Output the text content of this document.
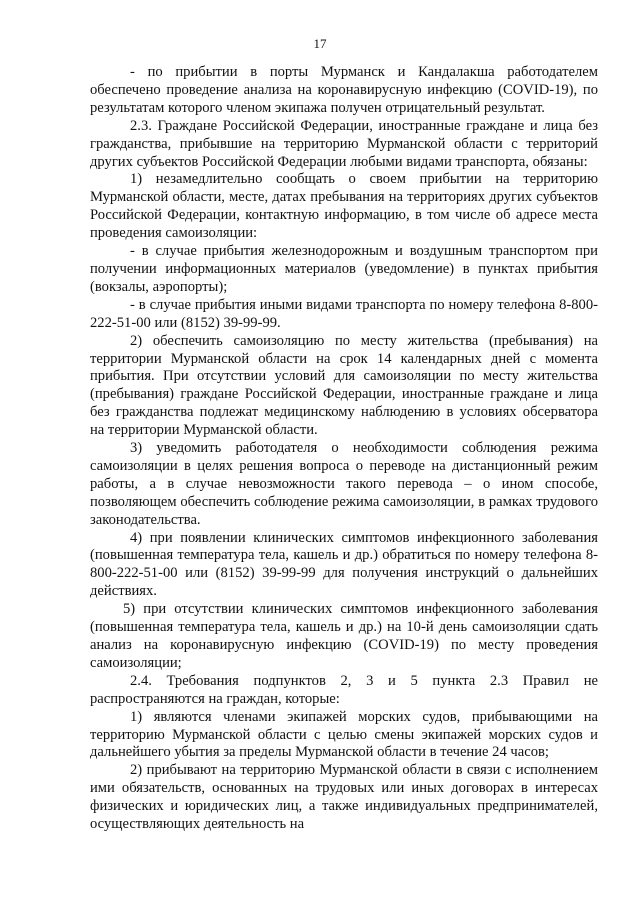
17

- по прибытии в порты Мурманск и Кандалакша работодателем обеспечено проведение анализа на коронавирусную инфекцию (COVID-19), по результатам которого членом экипажа получен отрицательный результат.

2.3. Граждане Российской Федерации, иностранные граждане и лица без гражданства, прибывшие на территорию Мурманской области с территорий других субъектов Российской Федерации любыми видами транспорта, обязаны:

1) незамедлительно сообщать о своем прибытии на территорию Мурманской области, месте, датах пребывания на территориях других субъектов Российской Федерации, контактную информацию, в том числе об адресе места проведения самоизоляции:

- в случае прибытия железнодорожным и воздушным транспортом при получении информационных материалов (уведомление) в пунктах прибытия (вокзалы, аэропорты);

- в случае прибытия иными видами транспорта по номеру телефона 8-800-222-51-00 или (8152) 39-99-99.

2) обеспечить самоизоляцию по месту жительства (пребывания) на территории Мурманской области на срок 14 календарных дней с момента прибытия. При отсутствии условий для самоизоляции по месту жительства (пребывания) граждане Российской Федерации, иностранные граждане и лица без гражданства подлежат медицинскому наблюдению в условиях обсерватора на территории Мурманской области.

3) уведомить работодателя о необходимости соблюдения режима самоизоляции в целях решения вопроса о переводе на дистанционный режим работы, а в случае невозможности такого перевода – о ином способе, позволяющем обеспечить соблюдение режима самоизоляции, в рамках трудового законодательства.

4) при появлении клинических симптомов инфекционного заболевания (повышенная температура тела, кашель и др.) обратиться по номеру телефона 8-800-222-51-00 или (8152) 39-99-99 для получения инструкций о дальнейших действиях.

5) при отсутствии клинических симптомов инфекционного заболевания (повышенная температура тела, кашель и др.) на 10-й день самоизоляции сдать анализ на коронавирусную инфекцию (COVID-19) по месту проведения самоизоляции;

2.4. Требования подпунктов 2, 3 и 5 пункта 2.3 Правил не распространяются на граждан, которые:

1) являются членами экипажей морских судов, прибывающими на территорию Мурманской области с целью смены экипажей морских судов и дальнейшего убытия за пределы Мурманской области в течение 24 часов;

2) прибывают на территорию Мурманской области в связи с исполнением ими обязательств, основанных на трудовых или иных договорах в интересах физических и юридических лиц, а также индивидуальных предпринимателей, осуществляющих деятельность на
